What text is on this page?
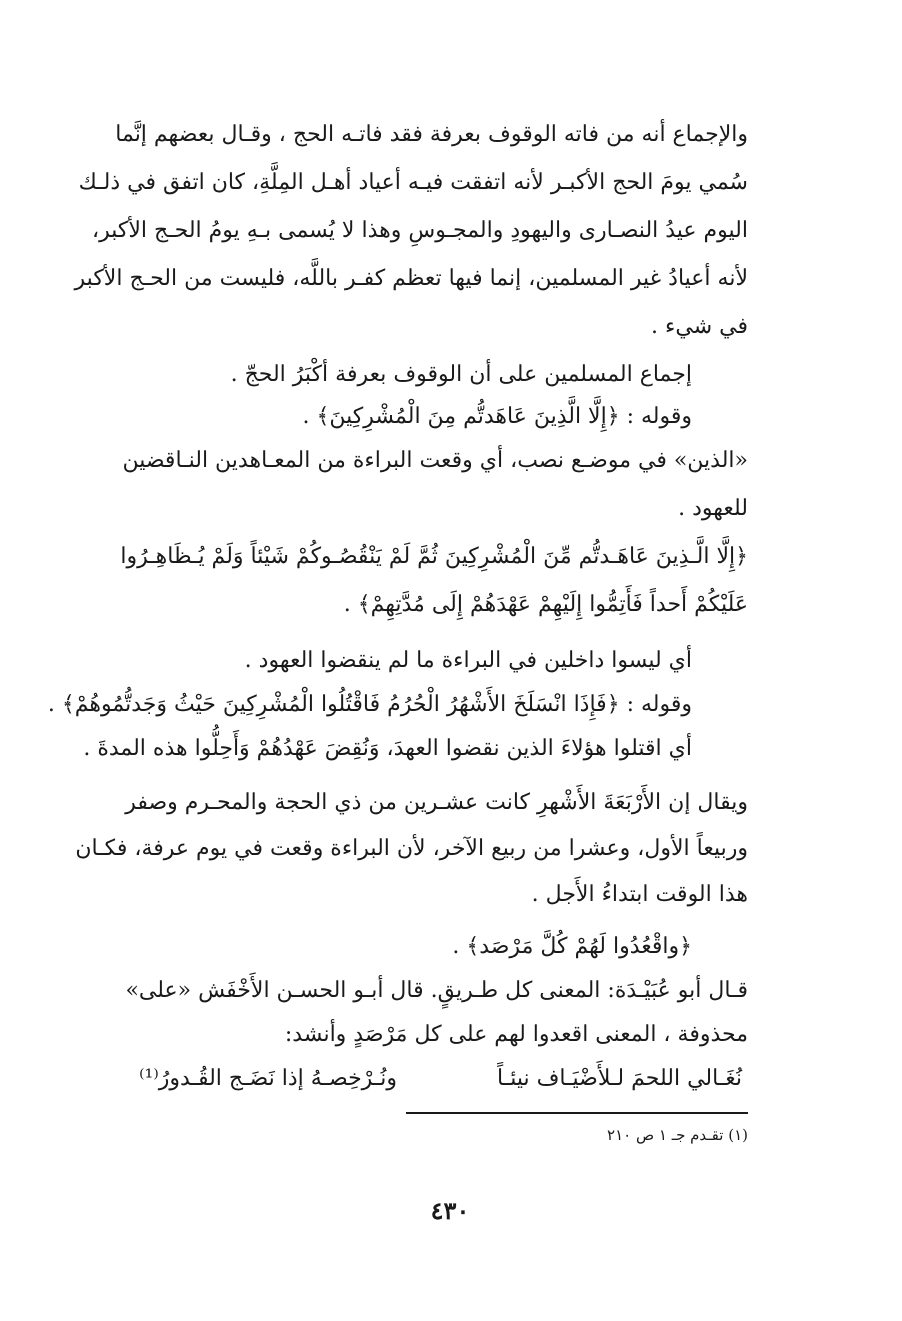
والإجماع أنه من فاته الوقوف بعرفة فقد فاتـه الحج ، وقـال بعضهم إنَّما
سُمي يومَ الحج الأكبـر لأنه اتفقت فيـه أعياد أهـل المِلَّةِ، كان اتفق في ذلـك
اليوم عيدُ النصـارى واليهودِ والمجـوسِ وهذا لا يُسمى بـهِ يومُ الحـج الأكبر،
لأنه أعيادُ غير المسلمين، إنما فيها تعظم كفـر باللَّه، فليست من الحـج الأكبر
في شيء .
إجماع المسلمين على أن الوقوف بعرفة أكْبَرُ الحجّ .
وقوله : ﴿إِلَّا الَّذِينَ عَاهَدتُّم مِنَ الْمُشْرِكِينَ﴾ .
«الذين» في موضـع نصب، أي وقعت البراءة من المعـاهدين النـاقضين
للعهود .
﴿إِلَّا الَّـذِينَ عَاهَـدتُّم مِّنَ الْمُشْرِكِينَ ثُمَّ لَمْ يَنْقُصُـوكُمْ شَيْئاً وَلَمْ يُـظَاهِـرُوا
عَلَيْكُمْ أَحداً فَأَتِمُّوا إِلَيْهِمْ عَهْدَهُمْ إِلَى مُدَّتِهِمْ﴾ .
أي ليسوا داخلين في البراءة ما لم ينقضوا العهود .
وقوله : ﴿فَإِذَا انْسَلَخَ الأَشْهُرُ الْحُرُمُ فَاقْتُلُوا الْمُشْرِكِينَ حَيْثُ وَجَدتُّمُوهُمْ﴾ .
أي اقتلوا هؤلاءَ الذين نقضوا العهدَ، وَنُقِضَ عَهْدُهُمْ وَأَحِلُّوا هذه المدةَ .
ويقال إن الأَرْبَعَةَ الأَشْهرِ كانت عشـرين من ذي الحجة والمحـرم وصفر
وربيعاً الأول، وعشرا من ربيع الآخر، لأن البراءة وقعت في يوم عرفة، فكـان
هذا الوقت ابتداءُ الأَجل .
﴿واقْعُدُوا لَهُمْ كُلَّ مَرْصَد﴾ .
قـال أبو عُبَيْـدَة: المعنى كل طـريقٍ. قال أبـو الحسـن الأَخْفَش «على»
محذوفة ، المعنى اقعدوا لهم على كل مَرْصَدٍ وأنشد:
نُغَـالي اللحمَ لـلأَضْيَـاف نيئـاً
ونُـرْخِصـهُ إذا نَضَـج القُـدورُ⁽¹⁾
(١) تقـدم جـ ١ ص ٢١٠
٤٣٠
